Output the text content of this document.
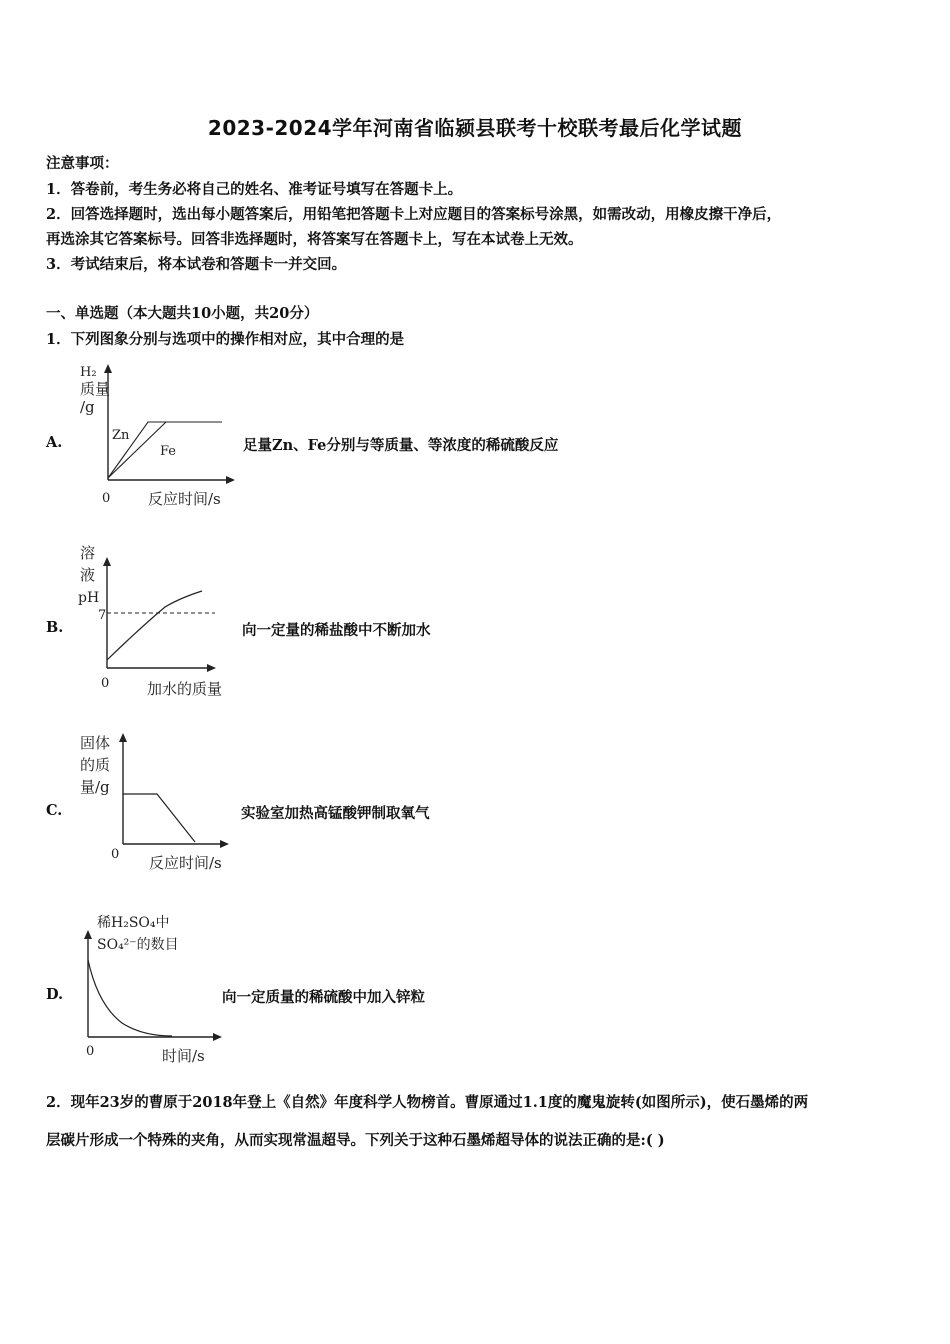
2023-2024学年河南省临颍县联考十校联考最后化学试题
注意事项：
1．答卷前，考生务必将自己的姓名、准考证号填写在答题卡上。
2．回答选择题时，选出每小题答案后，用铅笔把答题卡上对应题目的答案标号涂黑，如需改动，用橡皮擦干净后，
再选涂其它答案标号。回答非选择题时，将答案写在答题卡上，写在本试卷上无效。
3．考试结束后，将本试卷和答题卡一并交回。
一、单选题（本大题共10小题，共20分）
1．下列图象分别与选项中的操作相对应，其中合理的是
A.
H₂
质量
/g
Zn
Fe
0	反应时间/s
足量Zn、Fe分别与等质量、等浓度的稀硫酸反应
B.
溶
液
pH
7
0	加水的质量
向一定量的稀盐酸中不断加水
C.
固体
的质
量/g
0 反应时间/s
实验室加热高锰酸钾制取氧气
D.
稀H₂SO₄中
SO₄²⁻的数目
0	时间/s
向一定质量的稀硫酸中加入锌粒
2．现年23岁的曹原于2018年登上《自然》年度科学人物榜首。曹原通过1.1度的魔鬼旋转(如图所示)，使石墨烯的两
层碳片形成一个特殊的夹角，从而实现常温超导。下列关于这种石墨烯超导体的说法正确的是:( )
